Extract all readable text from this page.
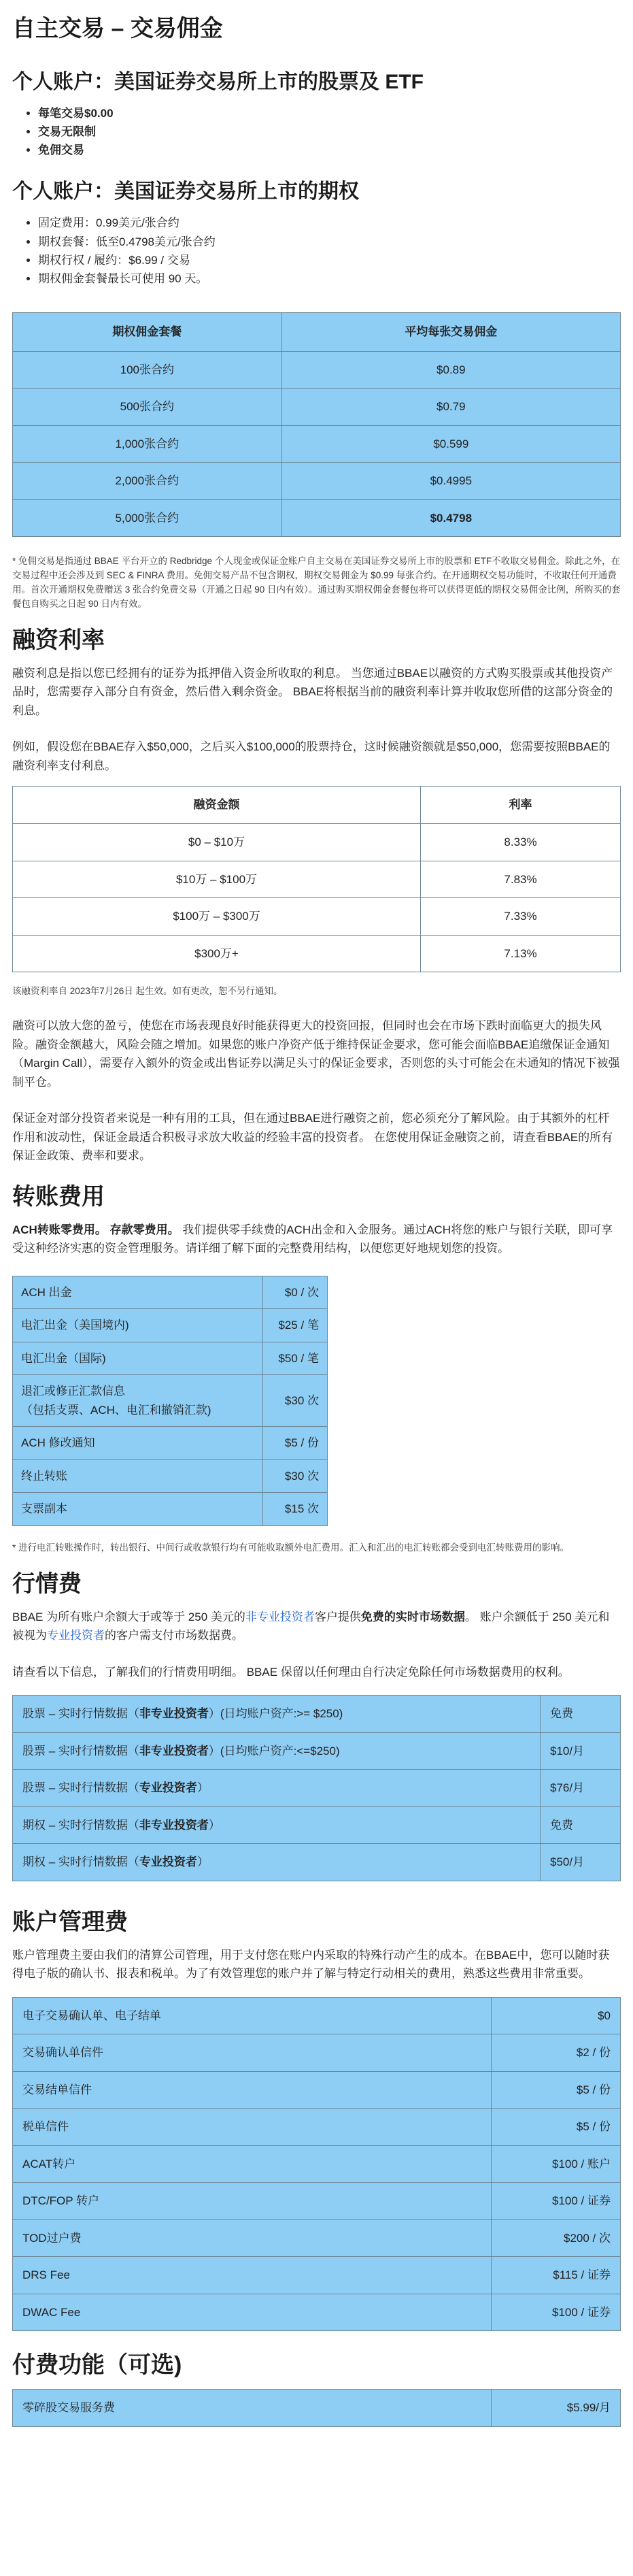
自主交易 – 交易佣金
个人账户：美国证券交易所上市的股票及 ETF
• 每笔交易$0.00
• 交易无限制
• 免佣交易
个人账户：美国证券交易所上市的期权
• 固定费用：0.99美元/张合约
• 期权套餐：低至0.4798美元/张合约
• 期权行权 / 履约：$6.99 / 交易
• 期权佣金套餐最长可使用 90 天。
期权佣金套餐	平均每张交易佣金
100张合约	$0.89
500张合约	$0.79
1,000张合约	$0.599
2,000张合约	$0.4995
5,000张合约	$0.4798

* 免佣交易是指通过 BBAE 平台开立的 Redbridge 个人现金或保证金账户自主交易在美国证券交易所上市的股票和 ETF不收取交易佣金。除此之外，在交易过程中还会涉及到 SEC & FINRA 费用。免佣交易产品不包含期权，期权交易佣金为 $0.99 每张合约。在开通期权交易功能时，不收取任何开通费用。首次开通期权免费赠送 3 张合约免费交易（开通之日起 90 日内有效）。通过购买期权佣金套餐包将可以获得更低的期权交易佣金比例，所购买的套餐包自购买之日起 90 日内有效。

融资利率

融资利息是指以您已经拥有的证券为抵押借入资金所收取的利息。 当您通过BBAE以融资的方式购买股票或其他投资产品时，您需要存入部分自有资金，然后借入剩余资金。 BBAE将根据当前的融资利率计算并收取您所借的这部分资金的利息。

例如，假设您在BBAE存入$50,000，之后买入$100,000的股票持仓，这时候融资额就是$50,000，您需要按照BBAE的融资利率支付利息。

融资金额	利率
$0 – $10万	8.33%
$10万 – $100万	7.83%
$100万 – $300万	7.33%
$300万+	7.13%

该融资利率自 2023年7月26日 起生效。如有更改，恕不另行通知。

融资可以放大您的盈亏，使您在市场表现良好时能获得更大的投资回报，但同时也会在市场下跌时面临更大的损失风险。融资金额越大，风险会随之增加。如果您的账户净资产低于维持保证金要求，您可能会面临BBAE追缴保证金通知（Margin Call），需要存入额外的资金或出售证券以满足头寸的保证金要求，否则您的头寸可能会在未通知的情况下被强制平仓。

保证金对部分投资者来说是一种有用的工具，但在通过BBAE进行融资之前，您必须充分了解风险。由于其额外的杠杆作用和波动性，保证金最适合积极寻求放大收益的经验丰富的投资者。 在您使用保证金融资之前，请查看BBAE的所有保证金政策、费率和要求。

转账费用

ACH转账零费用。 存款零费用。 我们提供零手续费的ACH出金和入金服务。通过ACH将您的账户与银行关联，即可享受这种经济实惠的资金管理服务。请详细了解下面的完整费用结构，以便您更好地规划您的投资。

ACH 出金	$0 / 次
电汇出金（美国境内)	$25 / 笔
电汇出金（国际)	$50 / 笔
退汇或修正汇款信息
（包括支票、ACH、电汇和撤销汇款)	$30 次
ACH 修改通知	$5 / 份
终止转账	$30 次
支票副本	$15 次

* 进行电汇转账操作时，转出银行、中间行或收款银行均有可能收取额外电汇费用。汇入和汇出的电汇转账都会受到电汇转账费用的影响。

行情费

BBAE 为所有账户余额大于或等于 250 美元的非专业投资者客户提供免费的实时市场数据。 账户余额低于 250 美元和被视为专业投资者的客户需支付市场数据费。

请查看以下信息，了解我们的行情费用明细。 BBAE 保留以任何理由自行决定免除任何市场数据费用的权利。

股票 – 实时行情数据（非专业投资者）(日均账户资产:>= $250)	免费
股票 – 实时行情数据（非专业投资者）(日均账户资产:<=$250)	$10/月
股票 – 实时行情数据（专业投资者）	$76/月
期权 – 实时行情数据（非专业投资者）	免费
期权 – 实时行情数据（专业投资者）	$50/月
账户管理费

账户管理费主要由我们的清算公司管理，用于支付您在账户内采取的特殊行动产生的成本。在BBAE中，您可以随时获得电子版的确认书、报表和税单。为了有效管理您的账户并了解与特定行动相关的费用，熟悉这些费用非常重要。

电子交易确认单、电子结单	$0
交易确认单信件	$2 / 份
交易结单信件	$5 / 份
税单信件	$5 / 份
ACAT转户	$100 / 账户
DTC/FOP 转户	$100 / 证券
TOD过户费	$200 / 次
DRS Fee	$115 / 证券
DWAC Fee	$100 / 证券
付费功能（可选)
零碎股交易服务费	$5.99/月
